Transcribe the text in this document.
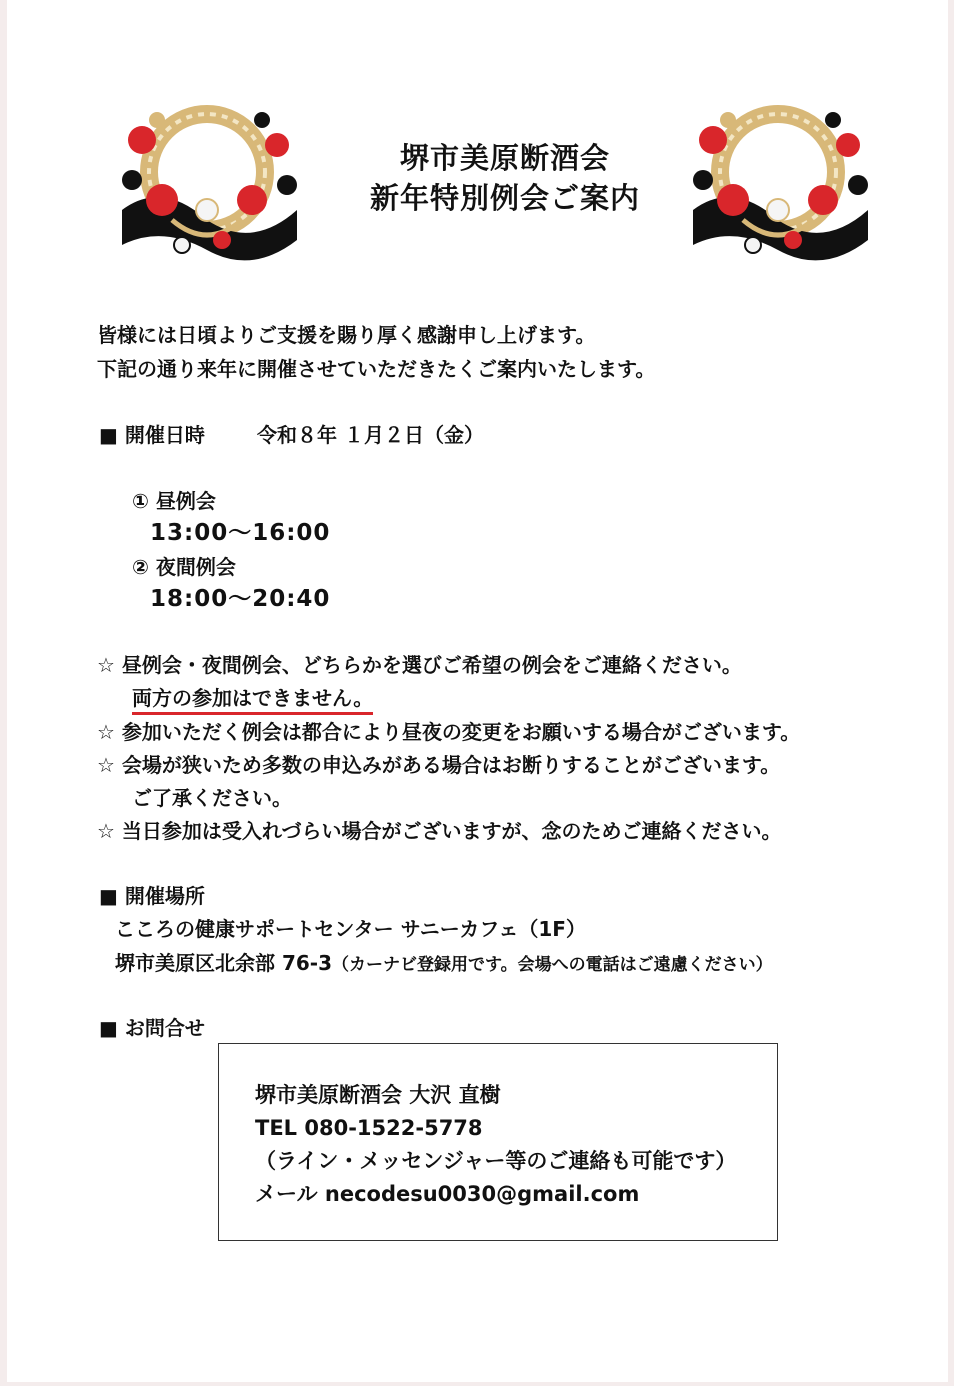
堺市美原断酒会
新年特別例会ご案内
皆様には日頃よりご支援を賜り厚く感謝申し上げます。
下記の通り来年に開催させていただきたくご案内いたします。
■ 開催日時	令和８年 １月２日（金）
① 昼例会
13:00～16:00
② 夜間例会
18:00～20:40
☆ 昼例会・夜間例会、どちらかを選びご希望の例会をご連絡ください。
両方の参加はできません。
☆ 参加いただく例会は都合により昼夜の変更をお願いする場合がございます。
☆ 会場が狭いため多数の申込みがある場合はお断りすることがございます。
ご了承ください。
☆ 当日参加は受入れづらい場合がございますが、念のためご連絡ください。
■ 開催場所
こころの健康サポートセンター サニーカフェ（1F）
堺市美原区北余部 76-3（カーナビ登録用です。会場への電話はご遠慮ください）
■ お問合せ
堺市美原断酒会 大沢 直樹
TEL 080-1522-5778
（ライン・メッセンジャー等のご連絡も可能です）
メール necodesu0030@gmail.com
